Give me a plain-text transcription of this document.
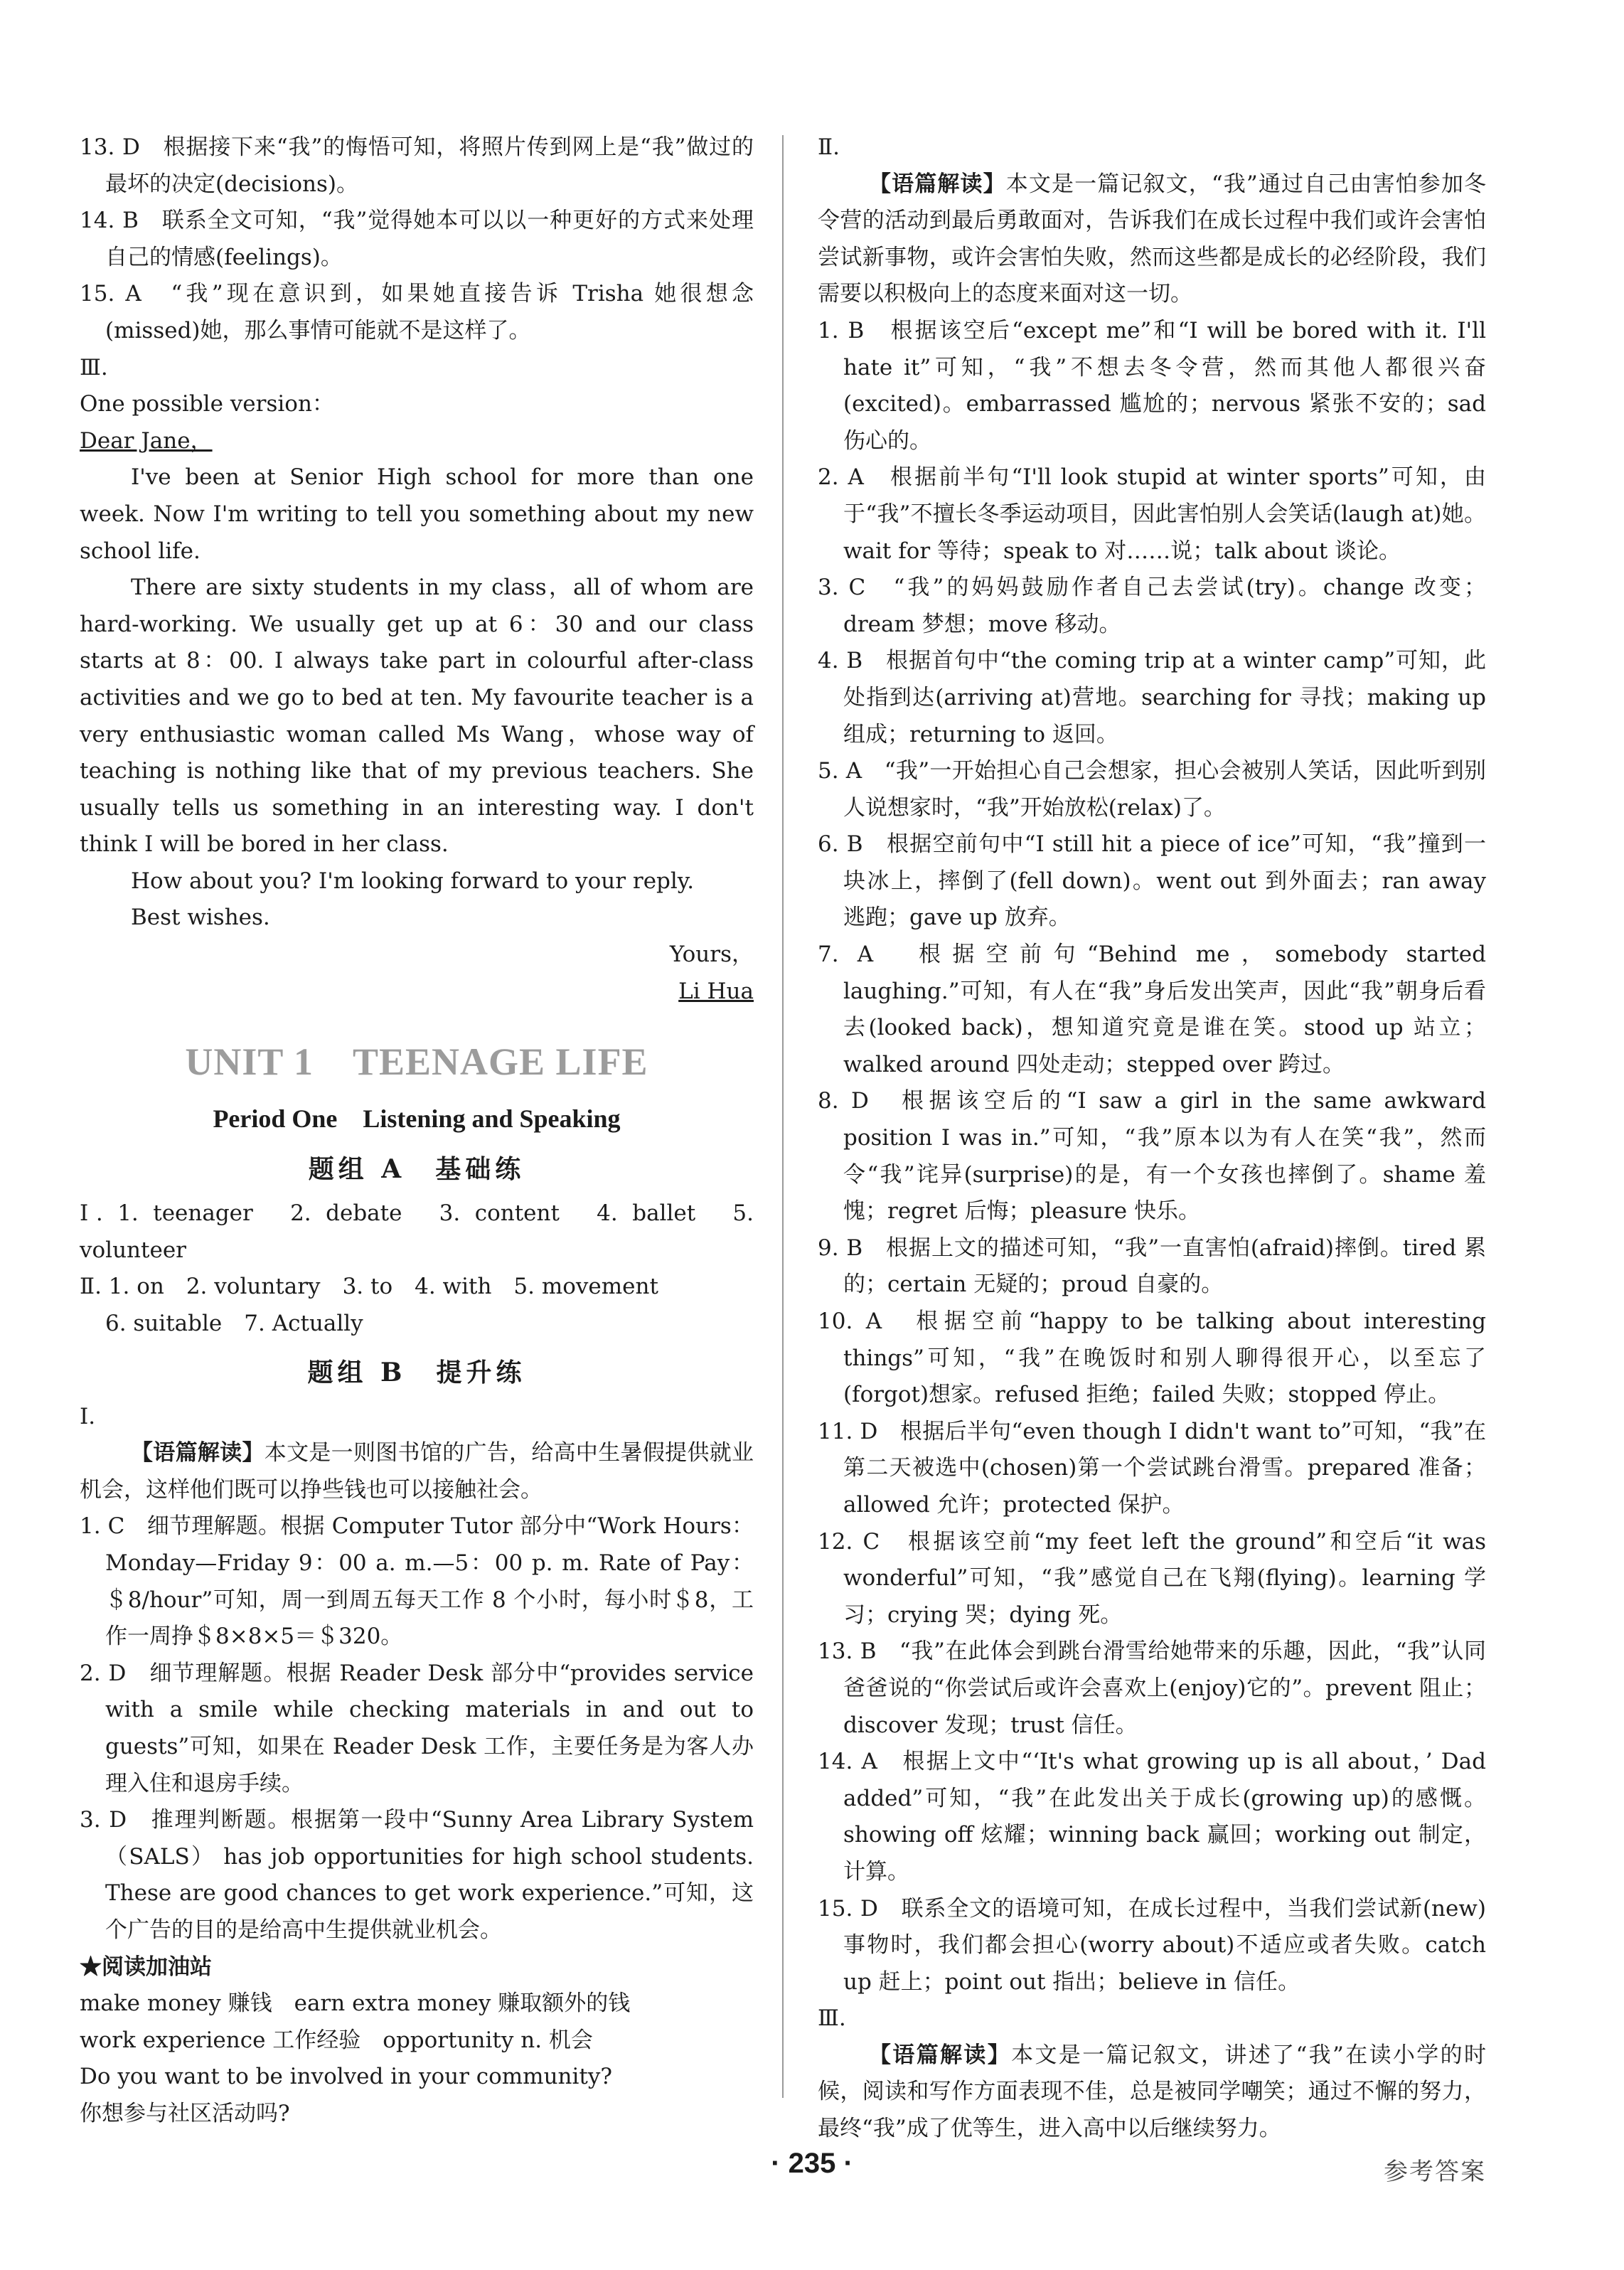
13. D　根据接下来“我”的悔悟可知，将照片传到网上是“我”做过的最坏的决定(decisions)。

14. B　联系全文可知，“我”觉得她本可以以一种更好的方式来处理自己的情感(feelings)。

15. A　“我”现在意识到，如果她直接告诉 Trisha 她很想念(missed)她，那么事情可能就不是这样了。

Ⅲ.

One possible version：

Dear Jane，

I've been at Senior High school for more than one week. Now I'm writing to tell you something about my new school life.

There are sixty students in my class，all of whom are hard-working. We usually get up at 6：30 and our class starts at 8：00. I always take part in colourful after-class activities and we go to bed at ten. My favourite teacher is a very enthusiastic woman called Ms Wang，whose way of teaching is nothing like that of my previous teachers. She usually tells us something in an interesting way. I don't think I will be bored in her class.

How about you? I'm looking forward to your reply.

Best wishes.

Yours，

Li Hua

UNIT 1　TEENAGE LIFE
Period One　Listening and Speaking
题组 A　基础练

Ⅰ. 1. teenager　2. debate　3. content　4. ballet　5. volunteer

Ⅱ. 1. on　2. voluntary　3. to　4. with　5. movement

6. suitable　7. Actually

题组 B　提升练

Ⅰ.

【语篇解读】本文是一则图书馆的广告，给高中生暑假提供就业机会，这样他们既可以挣些钱也可以接触社会。

1. C　细节理解题。根据 Computer Tutor 部分中“Work Hours：Monday—Friday 9：00 a. m.—5：00 p. m. Rate of Pay：＄8/hour”可知，周一到周五每天工作 8 个小时，每小时＄8，工作一周挣＄8×8×5＝＄320。

2. D　细节理解题。根据 Reader Desk 部分中“provides service with a smile while checking materials in and out to guests”可知，如果在 Reader Desk 工作，主要任务是为客人办理入住和退房手续。

3. D　推理判断题。根据第一段中“Sunny Area Library System（SALS） has job opportunities for high school students. These are good chances to get work experience.”可知，这个广告的目的是给高中生提供就业机会。

★阅读加油站

make money 赚钱　earn extra money 赚取额外的钱

work experience 工作经验　opportunity n. 机会

Do you want to be involved in your community?

你想参与社区活动吗?

Ⅱ.

【语篇解读】本文是一篇记叙文，“我”通过自己由害怕参加冬令营的活动到最后勇敢面对，告诉我们在成长过程中我们或许会害怕尝试新事物，或许会害怕失败，然而这些都是成长的必经阶段，我们需要以积极向上的态度来面对这一切。

1. B　根据该空后“except me”和“I will be bored with it. I'll hate it”可知，“我”不想去冬令营，然而其他人都很兴奋(excited)。embarrassed 尴尬的；nervous 紧张不安的；sad 伤心的。

2. A　根据前半句“I'll look stupid at winter sports”可知，由于“我”不擅长冬季运动项目，因此害怕别人会笑话(laugh at)她。wait for 等待；speak to 对……说；talk about 谈论。

3. C　“我”的妈妈鼓励作者自己去尝试(try)。change 改变；dream 梦想；move 移动。

4. B　根据首句中“the coming trip at a winter camp”可知，此处指到达(arriving at)营地。searching for 寻找；making up 组成；returning to 返回。

5. A　“我”一开始担心自己会想家，担心会被别人笑话，因此听到别人说想家时，“我”开始放松(relax)了。

6. B　根据空前句中“I still hit a piece of ice”可知，“我”撞到一块冰上，摔倒了(fell down)。went out 到外面去；ran away 逃跑；gave up 放弃。

7. A　根据空前句“Behind me，somebody started laughing.”可知，有人在“我”身后发出笑声，因此“我”朝身后看去(looked back)，想知道究竟是谁在笑。stood up 站立；walked around 四处走动；stepped over 跨过。

8. D　根据该空后的“I saw a girl in the same awkward position I was in.”可知，“我”原本以为有人在笑“我”，然而令“我”诧异(surprise)的是，有一个女孩也摔倒了。shame 羞愧；regret 后悔；pleasure 快乐。

9. B　根据上文的描述可知，“我”一直害怕(afraid)摔倒。tired 累的；certain 无疑的；proud 自豪的。

10. A　根据空前“happy to be talking about interesting things”可知，“我”在晚饭时和别人聊得很开心，以至忘了(forgot)想家。refused 拒绝；failed 失败；stopped 停止。

11. D　根据后半句“even though I didn't want to”可知，“我”在第二天被选中(chosen)第一个尝试跳台滑雪。prepared 准备；allowed 允许；protected 保护。

12. C　根据该空前“my feet left the ground”和空后“it was wonderful”可知，“我”感觉自己在飞翔(flying)。learning 学习；crying 哭；dying 死。

13. B　“我”在此体会到跳台滑雪给她带来的乐趣，因此，“我”认同爸爸说的“你尝试后或许会喜欢上(enjoy)它的”。prevent 阻止；discover 发现；trust 信任。

14. A　根据上文中“‘It's what growing up is all about，’ Dad added”可知，“我”在此发出关于成长(growing up)的感慨。showing off 炫耀；winning back 赢回；working out 制定，计算。

15. D　联系全文的语境可知，在成长过程中，当我们尝试新(new)事物时，我们都会担心(worry about)不适应或者失败。catch up 赶上；point out 指出；believe in 信任。

Ⅲ.

【语篇解读】本文是一篇记叙文，讲述了“我”在读小学的时候，阅读和写作方面表现不佳，总是被同学嘲笑；通过不懈的努力，最终“我”成了优等生，进入高中以后继续努力。

· 235 ·	参考答案
